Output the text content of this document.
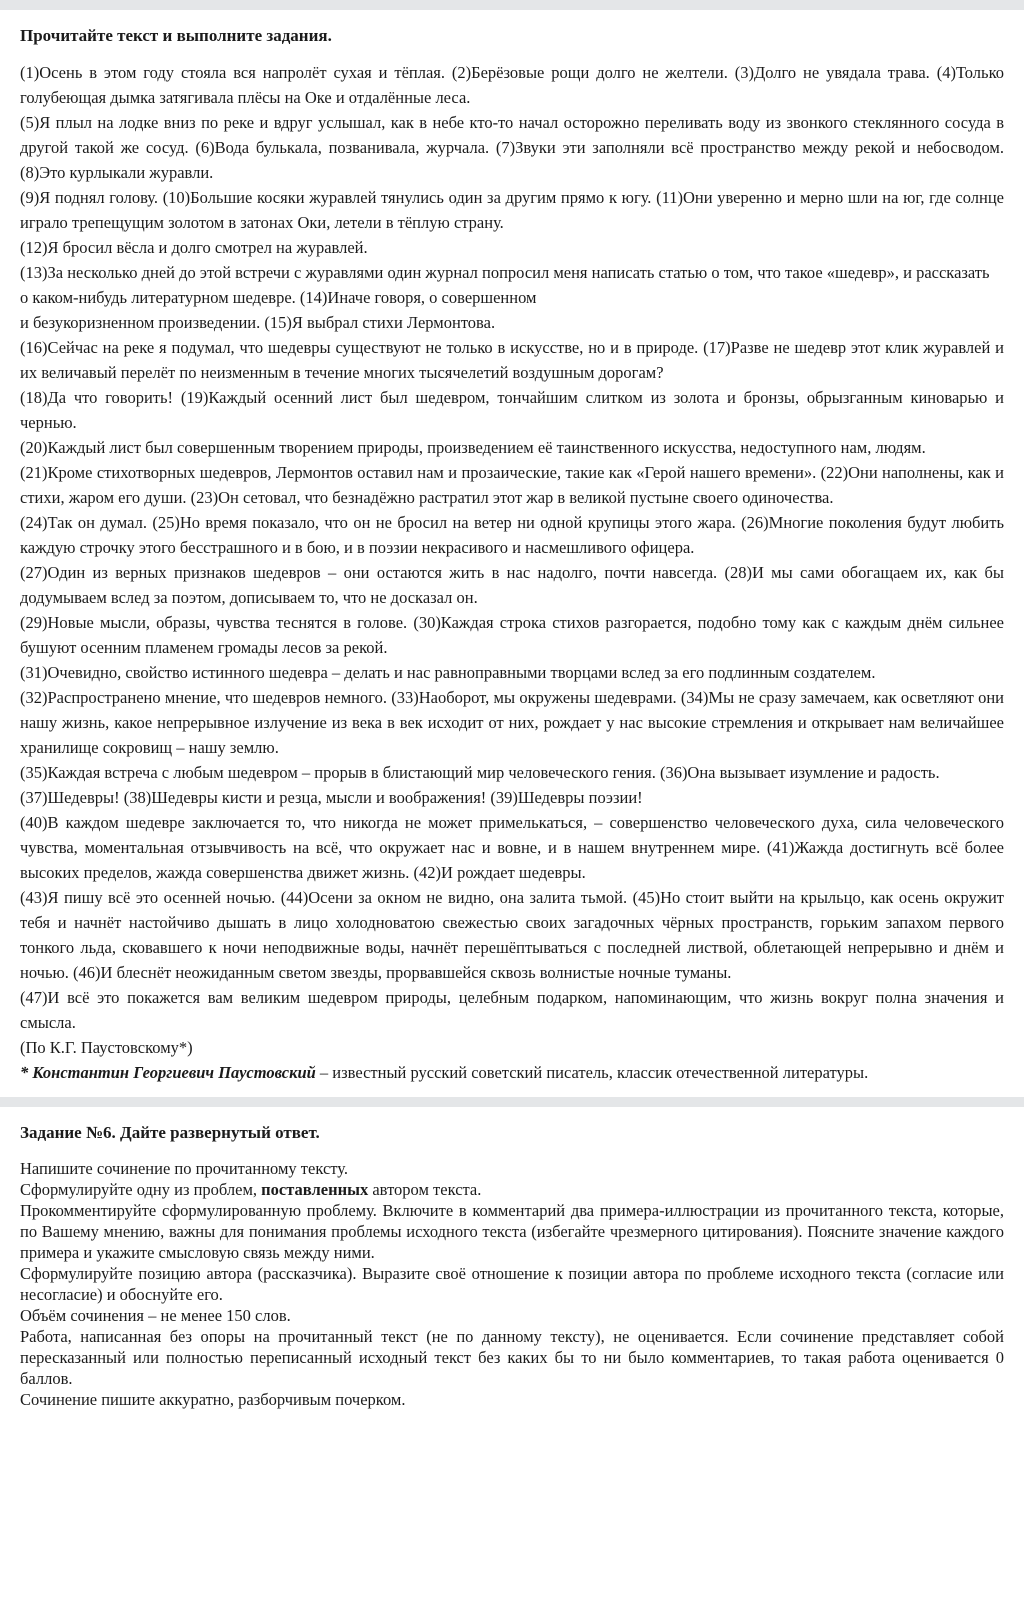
Прочитайте текст и выполните задания.

(1)Осень в этом году стояла вся напролёт сухая и тёплая. (2)Берёзовые рощи долго не желтели. (3)Долго не увядала трава. (4)Только голубеющая дымка затягивала плёсы на Оке и отдалённые леса.

(5)Я плыл на лодке вниз по реке и вдруг услышал, как в небе кто-то начал осторожно переливать воду из звонкого стеклянного сосуда в другой такой же сосуд. (6)Вода булькала, позванивала, журчала. (7)Звуки эти заполняли всё пространство между рекой и небосводом. (8)Это курлыкали журавли.

(9)Я поднял голову. (10)Большие косяки журавлей тянулись один за другим прямо к югу. (11)Они уверенно и мерно шли на юг, где солнце играло трепещущим золотом в затонах Оки, летели в тёплую страну.

(12)Я бросил вёсла и долго смотрел на журавлей.

(13)За несколько дней до этой встречи с журавлями один журнал попросил меня написать статью о том, что такое «шедевр», и рассказать

о каком-нибудь литературном шедевре. (14)Иначе говоря, о совершенном

и безукоризненном произведении. (15)Я выбрал стихи Лермонтова.

(16)Сейчас на реке я подумал, что шедевры существуют не только в искусстве, но и в природе. (17)Разве не шедевр этот клик журавлей и их величавый перелёт по неизменным в течение многих тысячелетий воздушным дорогам?

(18)Да что говорить! (19)Каждый осенний лист был шедевром, тончайшим слитком из золота и бронзы, обрызганным киноварью и чернью.

(20)Каждый лист был совершенным творением природы, произведением её таинственного искусства, недоступного нам, людям.

(21)Кроме стихотворных шедевров, Лермонтов оставил нам и прозаические, такие как «Герой нашего времени». (22)Они наполнены, как и стихи, жаром его души. (23)Он сетовал, что безнадёжно растратил этот жар в великой пустыне своего одиночества.

(24)Так он думал. (25)Но время показало, что он не бросил на ветер ни одной крупицы этого жара. (26)Многие поколения будут любить каждую строчку этого бесстрашного и в бою, и в поэзии некрасивого и насмешливого офицера.

(27)Один из верных признаков шедевров – они остаются жить в нас надолго, почти навсегда. (28)И мы сами обогащаем их, как бы додумываем вслед за поэтом, дописываем то, что не досказал он.

(29)Новые мысли, образы, чувства теснятся в голове. (30)Каждая строка стихов разгорается, подобно тому как с каждым днём сильнее бушуют осенним пламенем громады лесов за рекой.

(31)Очевидно, свойство истинного шедевра – делать и нас равноправными творцами вслед за его подлинным создателем.

(32)Распространено мнение, что шедевров немного. (33)Наоборот, мы окружены шедеврами. (34)Мы не сразу замечаем, как осветляют они нашу жизнь, какое непрерывное излучение из века в век исходит от них, рождает у нас высокие стремления и открывает нам величайшее хранилище сокровищ – нашу землю.

(35)Каждая встреча с любым шедевром – прорыв в блистающий мир человеческого гения. (36)Она вызывает изумление и радость.

(37)Шедевры! (38)Шедевры кисти и резца, мысли и воображения! (39)Шедевры поэзии!

(40)В каждом шедевре заключается то, что никогда не может примелькаться, – совершенство человеческого духа, сила человеческого чувства, моментальная отзывчивость на всё, что окружает нас и вовне, и в нашем внутреннем мире. (41)Жажда достигнуть всё более высоких пределов, жажда совершенства движет жизнь. (42)И рождает шедевры.

(43)Я пишу всё это осенней ночью. (44)Осени за окном не видно, она залита тьмой. (45)Но стоит выйти на крыльцо, как осень окружит тебя и начнёт настойчиво дышать в лицо холодноватою свежестью своих загадочных чёрных пространств, горьким запахом первого тонкого льда, сковавшего к ночи неподвижные воды, начнёт перешёптываться с последней листвой, облетающей непрерывно и днём и ночью. (46)И блеснёт неожиданным светом звезды, прорвавшейся сквозь волнистые ночные туманы.

(47)И всё это покажется вам великим шедевром природы, целебным подарком, напоминающим, что жизнь вокруг полна значения и смысла.

(По К.Г. Паустовскому*)

* Константин Георгиевич Паустовский – известный русский советский писатель, классик отечественной литературы.

Задание №6. Дайте развернутый ответ.

Напишите сочинение по прочитанному тексту.

Сформулируйте одну из проблем, поставленных автором текста.

Прокомментируйте сформулированную проблему. Включите в комментарий два примера-иллюстрации из прочитанного текста, которые, по Вашему мнению, важны для понимания проблемы исходного текста (избегайте чрезмерного цитирования). Поясните значение каждого примера и укажите смысловую связь между ними.

Сформулируйте позицию автора (рассказчика). Выразите своё отношение к позиции автора по проблеме исходного текста (согласие или несогласие) и обоснуйте его.

Объём сочинения – не менее 150 слов.

Работа, написанная без опоры на прочитанный текст (не по данному тексту), не оценивается. Если сочинение представляет собой пересказанный или полностью переписанный исходный текст без каких бы то ни было комментариев, то такая работа оценивается 0 баллов.

Сочинение пишите аккуратно, разборчивым почерком.
